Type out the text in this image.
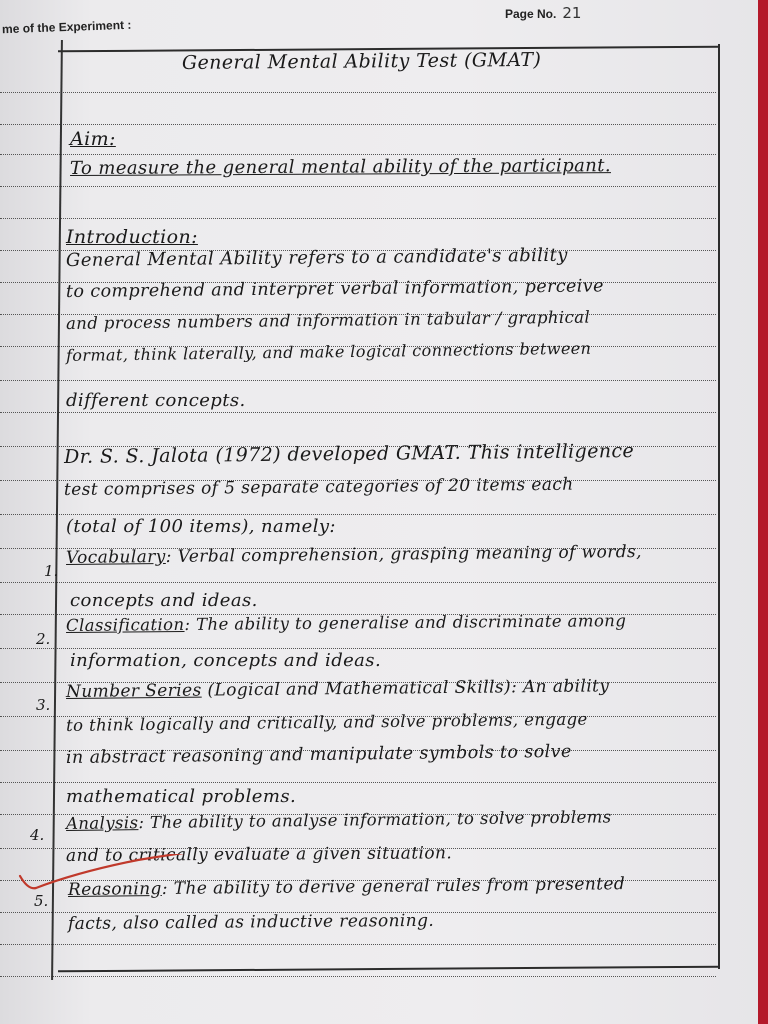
me of the Experiment :
Page No. 21
General Mental Ability Test (GMAT)
Aim:
To measure the general mental ability of the participant.
Introduction:
General Mental Ability refers to a candidate's ability
to comprehend and interpret verbal information, perceive
and process numbers and information in tabular / graphical
format, think laterally, and make logical connections between
different concepts.
Dr. S. S. Jalota (1972) developed GMAT. This intelligence
test comprises of 5 separate categories of 20 items each
(total of 100 items), namely:
1.
Vocabulary: Verbal comprehension, grasping meaning of words,
concepts and ideas.
2.
Classification: The ability to generalise and discriminate among
information, concepts and ideas.
3.
Number Series (Logical and Mathematical Skills): An ability
to think logically and critically, and solve problems, engage
in abstract reasoning and manipulate symbols to solve
mathematical problems.
4.
Analysis: The ability to analyse information, to solve problems
and to critically evaluate a given situation.
5.
Reasoning: The ability to derive general rules from presented
facts, also called as inductive reasoning.
